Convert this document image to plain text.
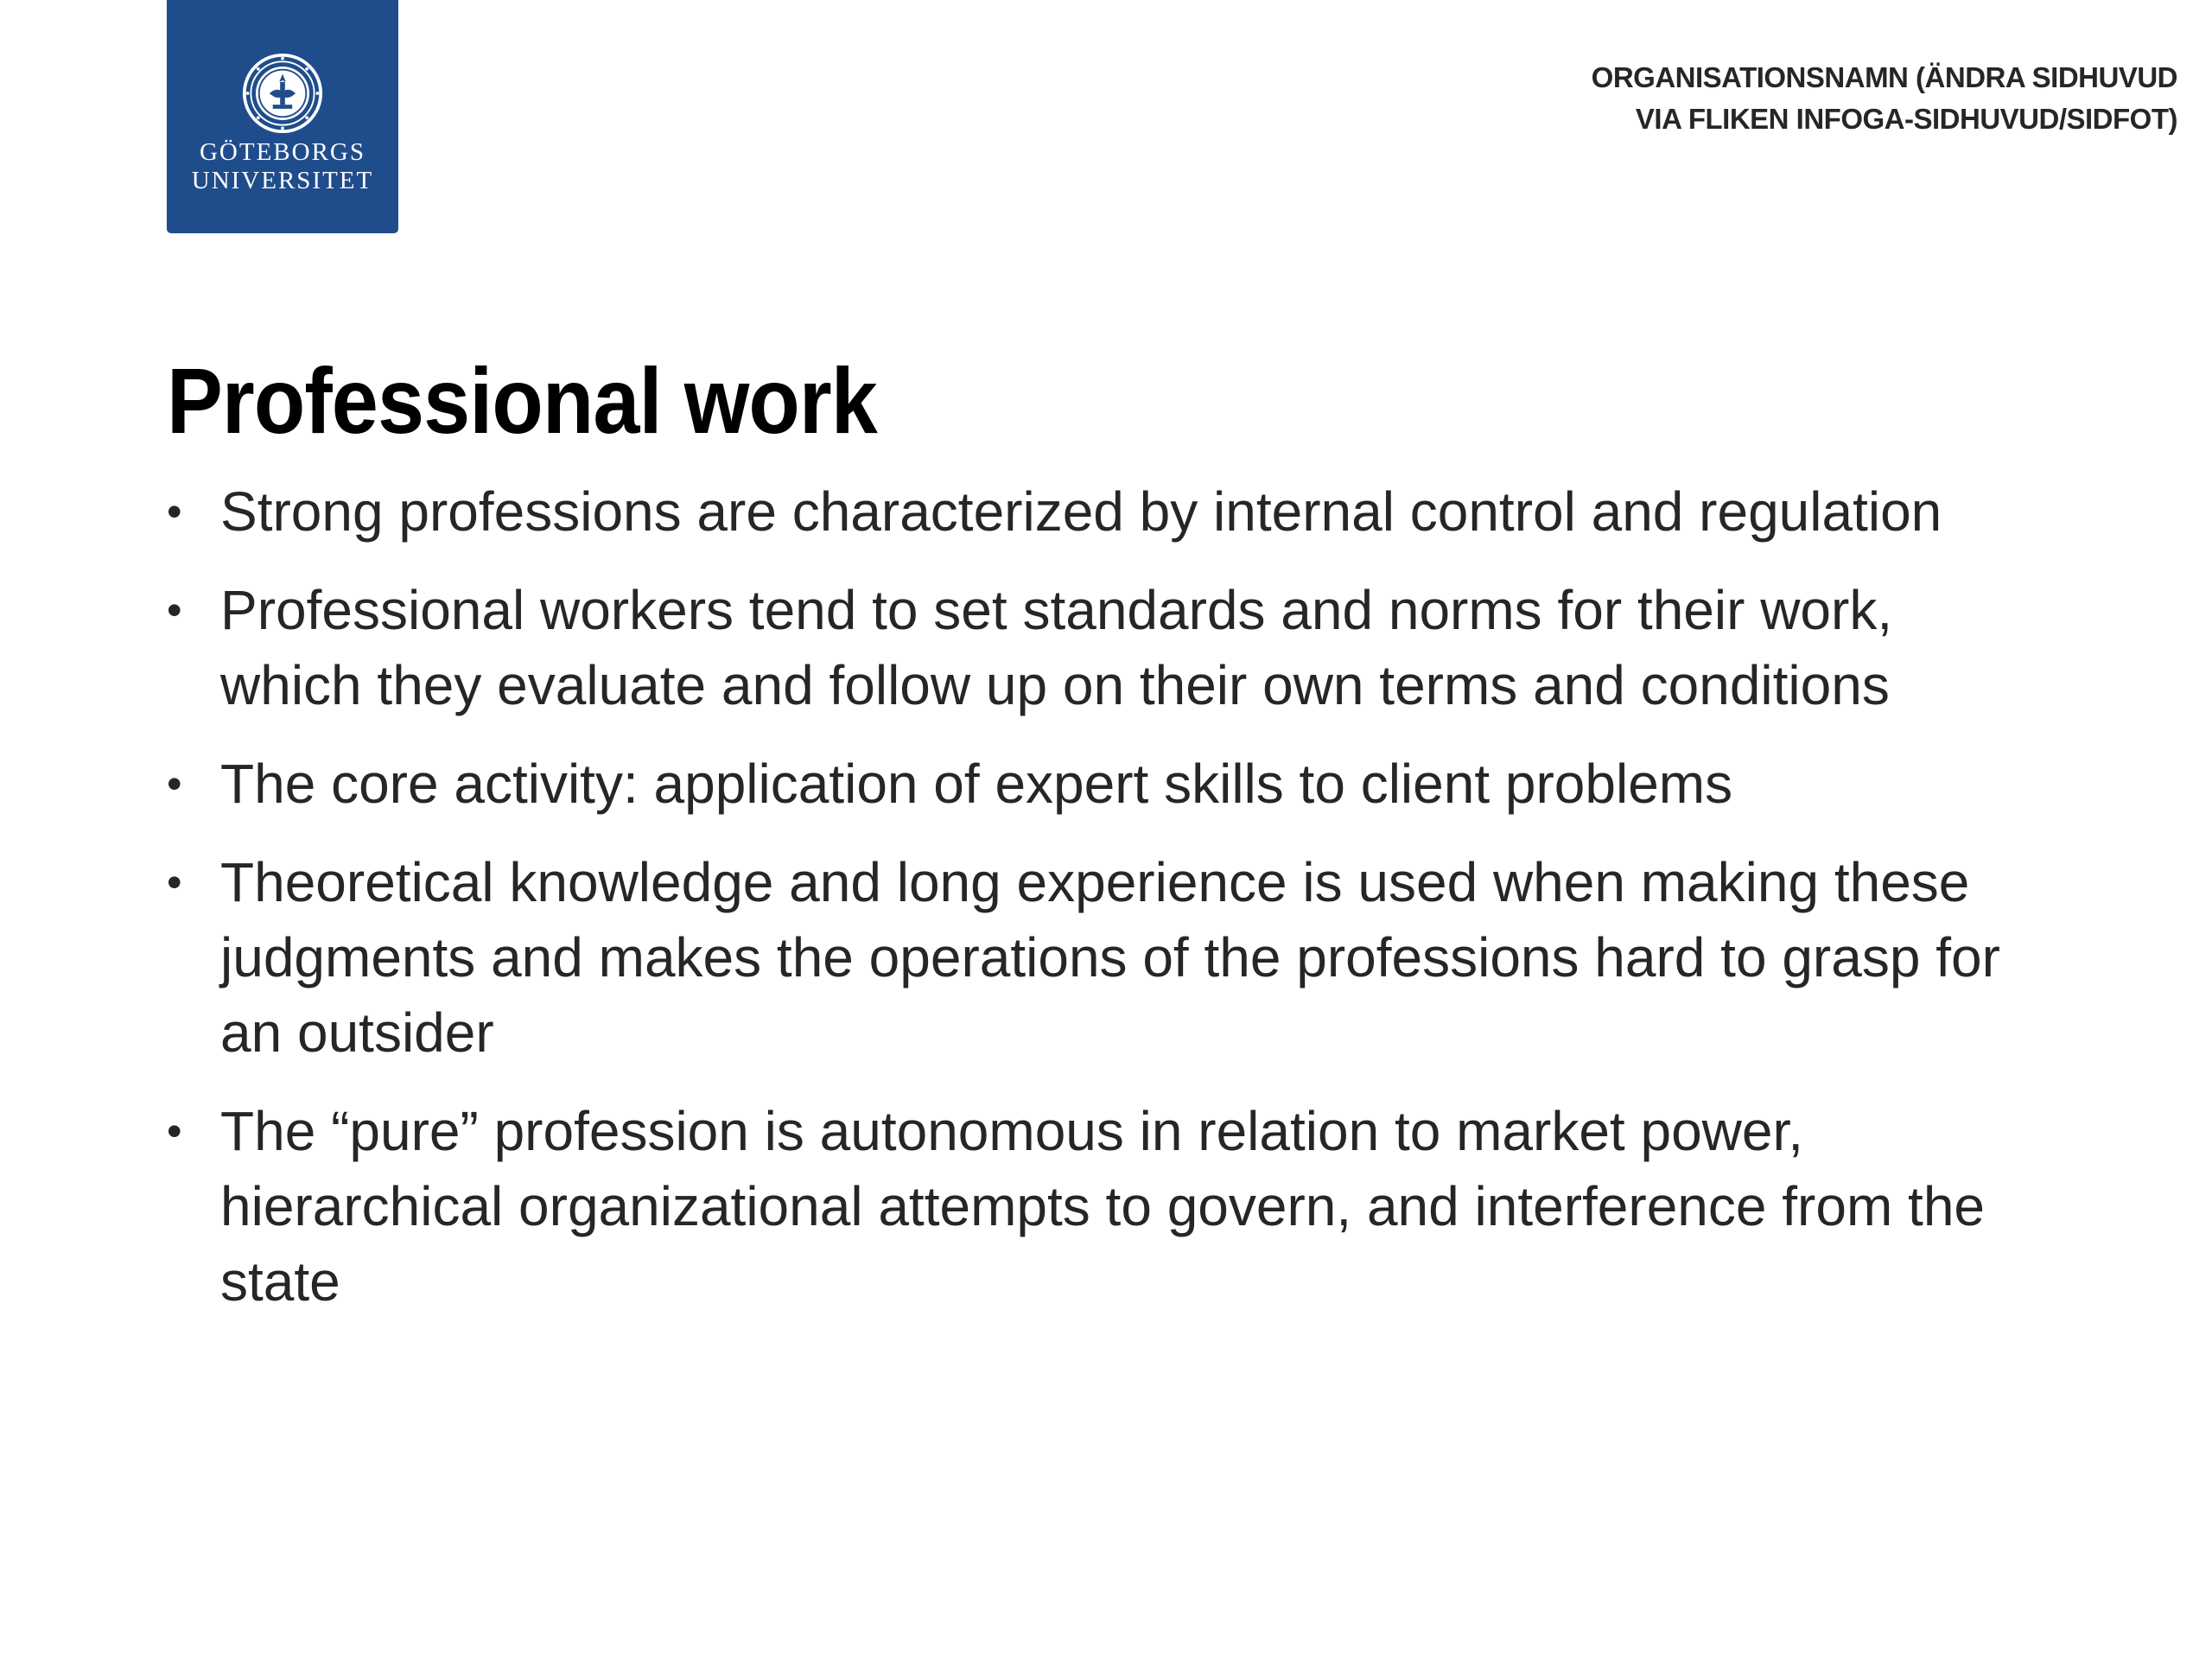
GÖTEBORGS
UNIVERSITET
ORGANISATIONSNAMN (ÄNDRA SIDHUVUD
VIA FLIKEN INFOGA-SIDHUVUD/SIDFOT)
Professional work
• Strong professions are characterized by internal control and regulation
• Professional workers tend to set standards and norms for their work, which they evaluate and follow up on their own terms and conditions
• The core activity: application of expert skills to client problems
• Theoretical knowledge and long experience is used when making these judgments and makes the operations of the professions hard to grasp for an outsider
• The “pure” profession is autonomous in relation to market power, hierarchical organizational attempts to govern, and interference from the state
